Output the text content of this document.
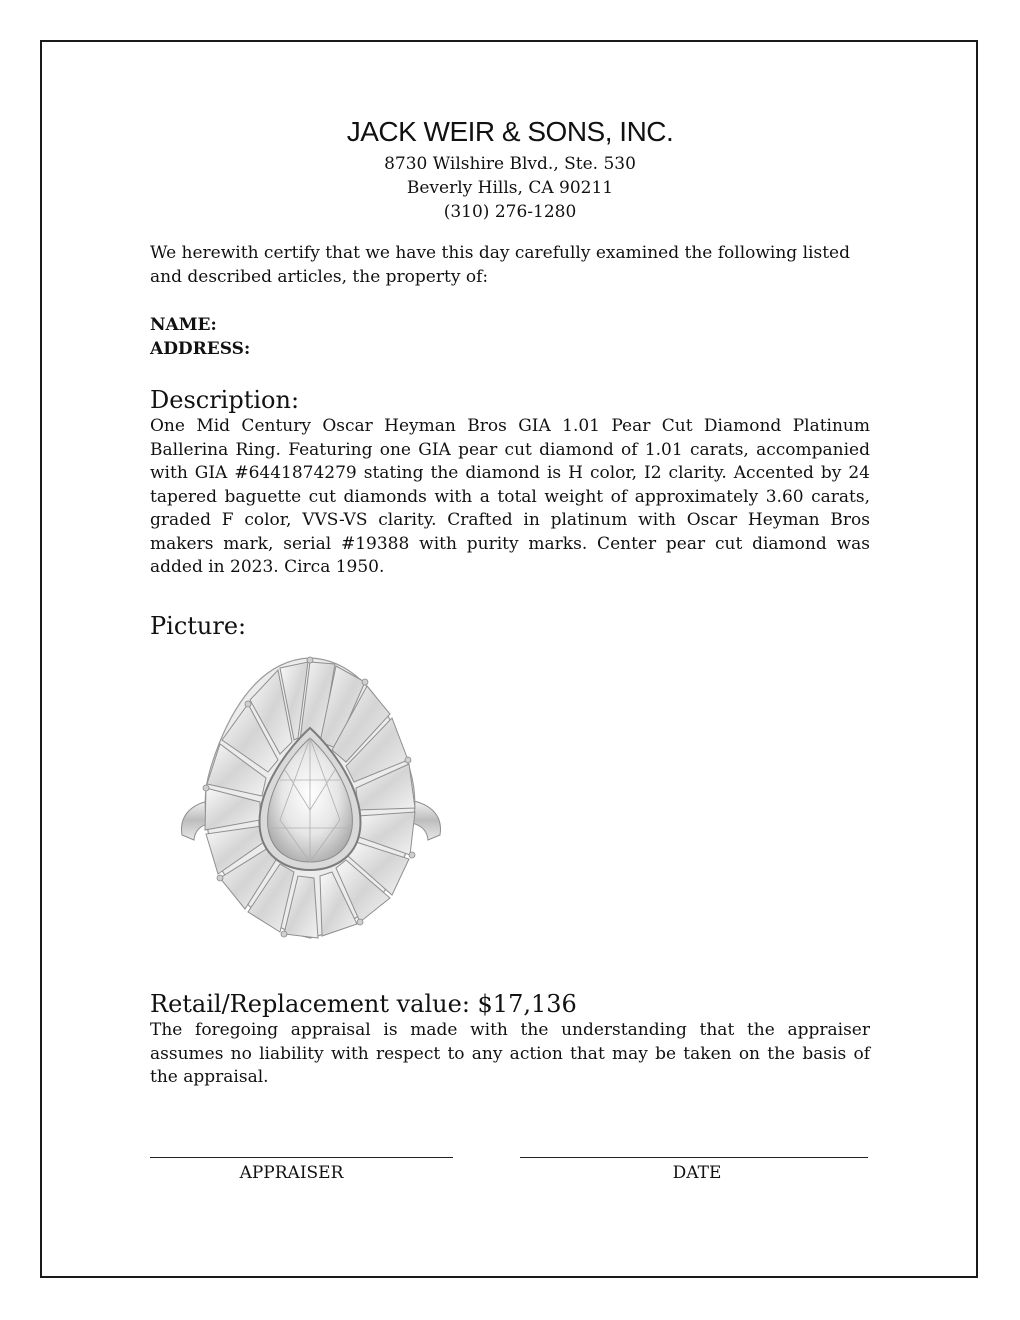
JACK WEIR & SONS, INC.
8730 Wilshire Blvd., Ste. 530
Beverly Hills, CA 90211
(310) 276-1280

We herewith certify that we have this day carefully examined the following listed and described articles, the property of:

NAME:
ADDRESS:
Description:

One Mid Century Oscar Heyman Bros GIA 1.01 Pear Cut Diamond Platinum Ballerina Ring. Featuring one GIA pear cut diamond of 1.01 carats, accompanied with GIA #6441874279 stating the diamond is H color, I2 clarity. Accented by 24 tapered baguette cut diamonds with a total weight of approximately 3.60 carats, graded F color, VVS-VS clarity. Crafted in platinum with Oscar Heyman Bros makers mark, serial #19388 with purity marks. Center pear cut diamond was added in 2023. Circa 1950.

Picture:
Retail/Replacement value: $17,136

The foregoing appraisal is made with the understanding that the appraiser assumes no liability with respect to any action that may be taken on the basis of the appraisal.

APPRAISER	DATE
